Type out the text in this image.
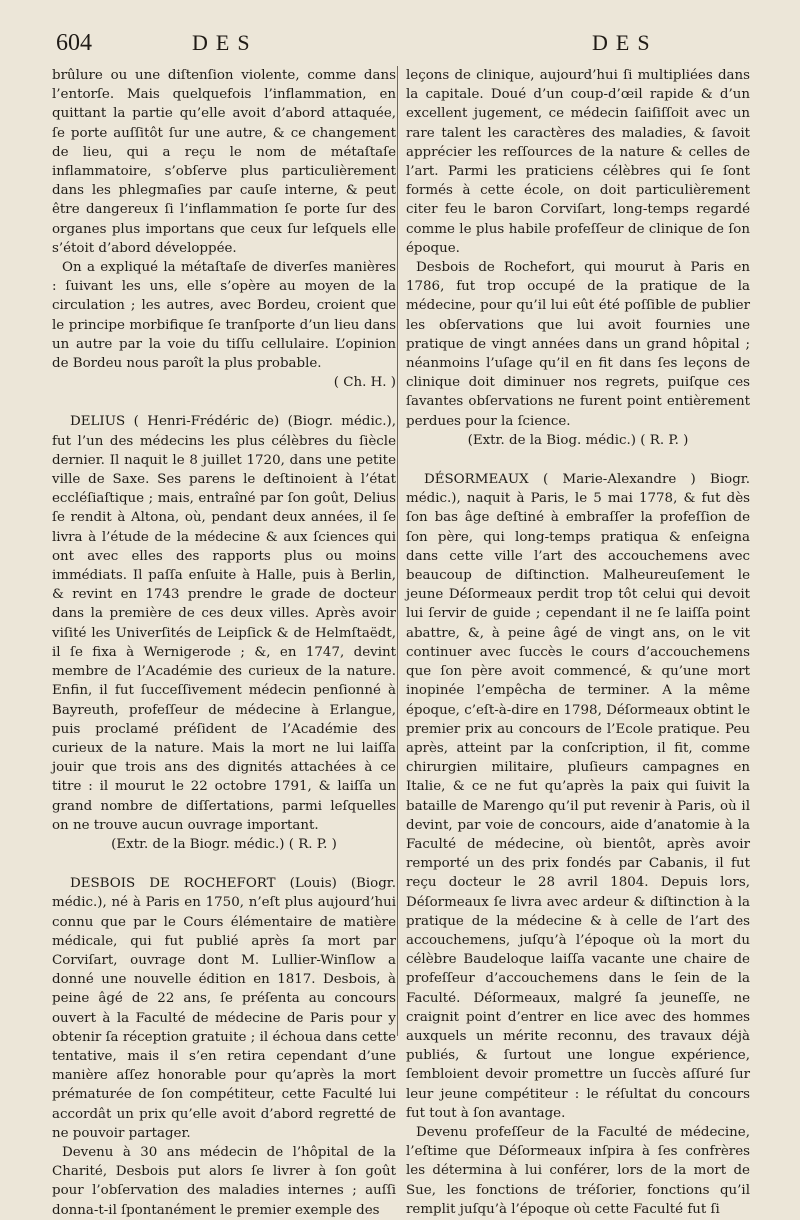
604	DES	DES

brûlure ou une diſtenſion violente, comme dans l’entorſe. Mais quelquefois l’inflammation, en quittant la partie qu’elle avoit d’abord attaquée, ſe porte auſſitôt ſur une autre, & ce changement de lieu, qui a reçu le nom de métaſtaſe inflammatoire, s’obſerve plus particulièrement dans les phlegmaſies par cauſe interne, & peut être dangereux ſi l’inflammation ſe porte ſur des organes plus importans que ceux ſur leſquels elle s’étoit d’abord développée.

On a expliqué la métaſtaſe de diverſes manières : ſuivant les uns, elle s’opère au moyen de la circulation ; les autres, avec Bordeu, croient que le principe morbifique ſe tranſporte d’un lieu dans un autre par la voie du tiſſu cellulaire. L’opinion de Bordeu nous paroît la plus probable.

( Ch. H. )

DELIUS ( Henri-Frédéric de) (Biogr. médic.), fut l’un des médecins les plus célèbres du ſiècle dernier. Il naquit le 8 juillet 1720, dans une petite ville de Saxe. Ses parens le deſtinoient à l’état eccléſiaſtique ; mais, entraîné par ſon goût, Delius ſe rendit à Altona, où, pendant deux années, il ſe livra à l’étude de la médecine & aux ſciences qui ont avec elles des rapports plus ou moins immédiats. Il paſſa enſuite à Halle, puis à Berlin, & revint en 1743 prendre le grade de docteur dans la première de ces deux villes. Après avoir viſité les Univerſités de Leipſick & de Helmſtaëdt, il ſe fixa à Wernigerode ; &, en 1747, devint membre de l’Académie des curieux de la nature. Enfin, il fut ſucceſſivement médecin penſionné à Bayreuth, profeſſeur de médecine à Erlangue, puis proclamé préſident de l’Académie des curieux de la nature. Mais la mort ne lui laiſſa jouir que trois ans des dignités attachées à ce titre : il mourut le 22 octobre 1791, & laiſſa un grand nombre de diſſertations, parmi leſquelles on ne trouve aucun ouvrage important.

(Extr. de la Biogr. médic.) ( R. P. )

DESBOIS DE ROCHEFORT (Louis) (Biogr. médic.), né à Paris en 1750, n’eſt plus aujourd’hui connu que par le Cours élémentaire de matière médicale, qui fut publié après ſa mort par Corviſart, ouvrage dont M. Lullier-Winſlow a donné une nouvelle édition en 1817. Desbois, à peine âgé de 22 ans, ſe préſenta au concours ouvert à la Faculté de médecine de Paris pour y obtenir ſa réception gratuite ; il échoua dans cette tentative, mais il s’en retira cependant d’une manière aſſez honorable pour qu’après la mort prématurée de ſon compétiteur, cette Faculté lui accordât un prix qu’elle avoit d’abord regretté de ne pouvoir partager.

Devenu à 30 ans médecin de l’hôpital de la Charité, Desbois put alors ſe livrer à ſon goût pour l’obſervation des maladies internes ; auſſi donna-t-il ſpontanément le premier exemple des

leçons de clinique, aujourd’hui ſi multipliées dans la capitale. Doué d’un coup-d’œil rapide & d’un excellent jugement, ce médecin ſaiſiſſoit avec un rare talent les caractères des maladies, & ſavoit apprécier les reſſources de la nature & celles de l’art. Parmi les praticiens célèbres qui ſe ſont formés à cette école, on doit particulièrement citer feu le baron Corviſart, long-temps regardé comme le plus habile profeſſeur de clinique de ſon époque.

Desbois de Rochefort, qui mourut à Paris en 1786, fut trop occupé de la pratique de la médecine, pour qu’il lui eût été poſſible de publier les obſervations que lui avoit fournies une pratique de vingt années dans un grand hôpital ; néanmoins l’uſage qu’il en fit dans ſes leçons de clinique doit diminuer nos regrets, puiſque ces ſavantes obſervations ne furent point entièrement perdues pour la ſcience.

(Extr. de la Biog. médic.) ( R. P. )

DÉSORMEAUX ( Marie-Alexandre ) Biogr. médic.), naquit à Paris, le 5 mai 1778, & fut dès ſon bas âge deſtiné à embraſſer la profeſſion de ſon père, qui long-temps pratiqua & enſeigna dans cette ville l’art des accouchemens avec beaucoup de diſtinction. Malheureuſement le jeune Déſormeaux perdit trop tôt celui qui devoit lui ſervir de guide ; cependant il ne ſe laiſſa point abattre, &, à peine âgé de vingt ans, on le vit continuer avec ſuccès le cours d’accouchemens que ſon père avoit commencé, & qu’une mort inopinée l’empêcha de terminer. A la même époque, c’eſt-à-dire en 1798, Déſormeaux obtint le premier prix au concours de l’Ecole pratique. Peu après, atteint par la conſcription, il fit, comme chirurgien militaire, pluſieurs campagnes en Italie, & ce ne fut qu’après la paix qui ſuivit la bataille de Marengo qu’il put revenir à Paris, où il devint, par voie de concours, aide d’anatomie à la Faculté de médecine, où bientôt, après avoir remporté un des prix fondés par Cabanis, il fut reçu docteur le 28 avril 1804. Depuis lors, Déſormeaux ſe livra avec ardeur & diſtinction à la pratique de la médecine & à celle de l’art des accouchemens, juſqu’à l’époque où la mort du célèbre Baudeloque laiſſa vacante une chaire de profeſſeur d’accouchemens dans le ſein de la Faculté. Déſormeaux, malgré ſa jeuneſſe, ne craignit point d’entrer en lice avec des hommes auxquels un mérite reconnu, des travaux déjà publiés, & ſurtout une longue expérience, ſembloient devoir promettre un ſuccès aſſuré ſur leur jeune compétiteur : le réſultat du concours fut tout à ſon avantage.

Devenu profeſſeur de la Faculté de médecine, l’eſtime que Déſormeaux inſpira à ſes confrères les détermina à lui conférer, lors de la mort de Sue, les fonctions de tréſorier, fonctions qu’il remplit juſqu’à l’époque où cette Faculté fut ſi
